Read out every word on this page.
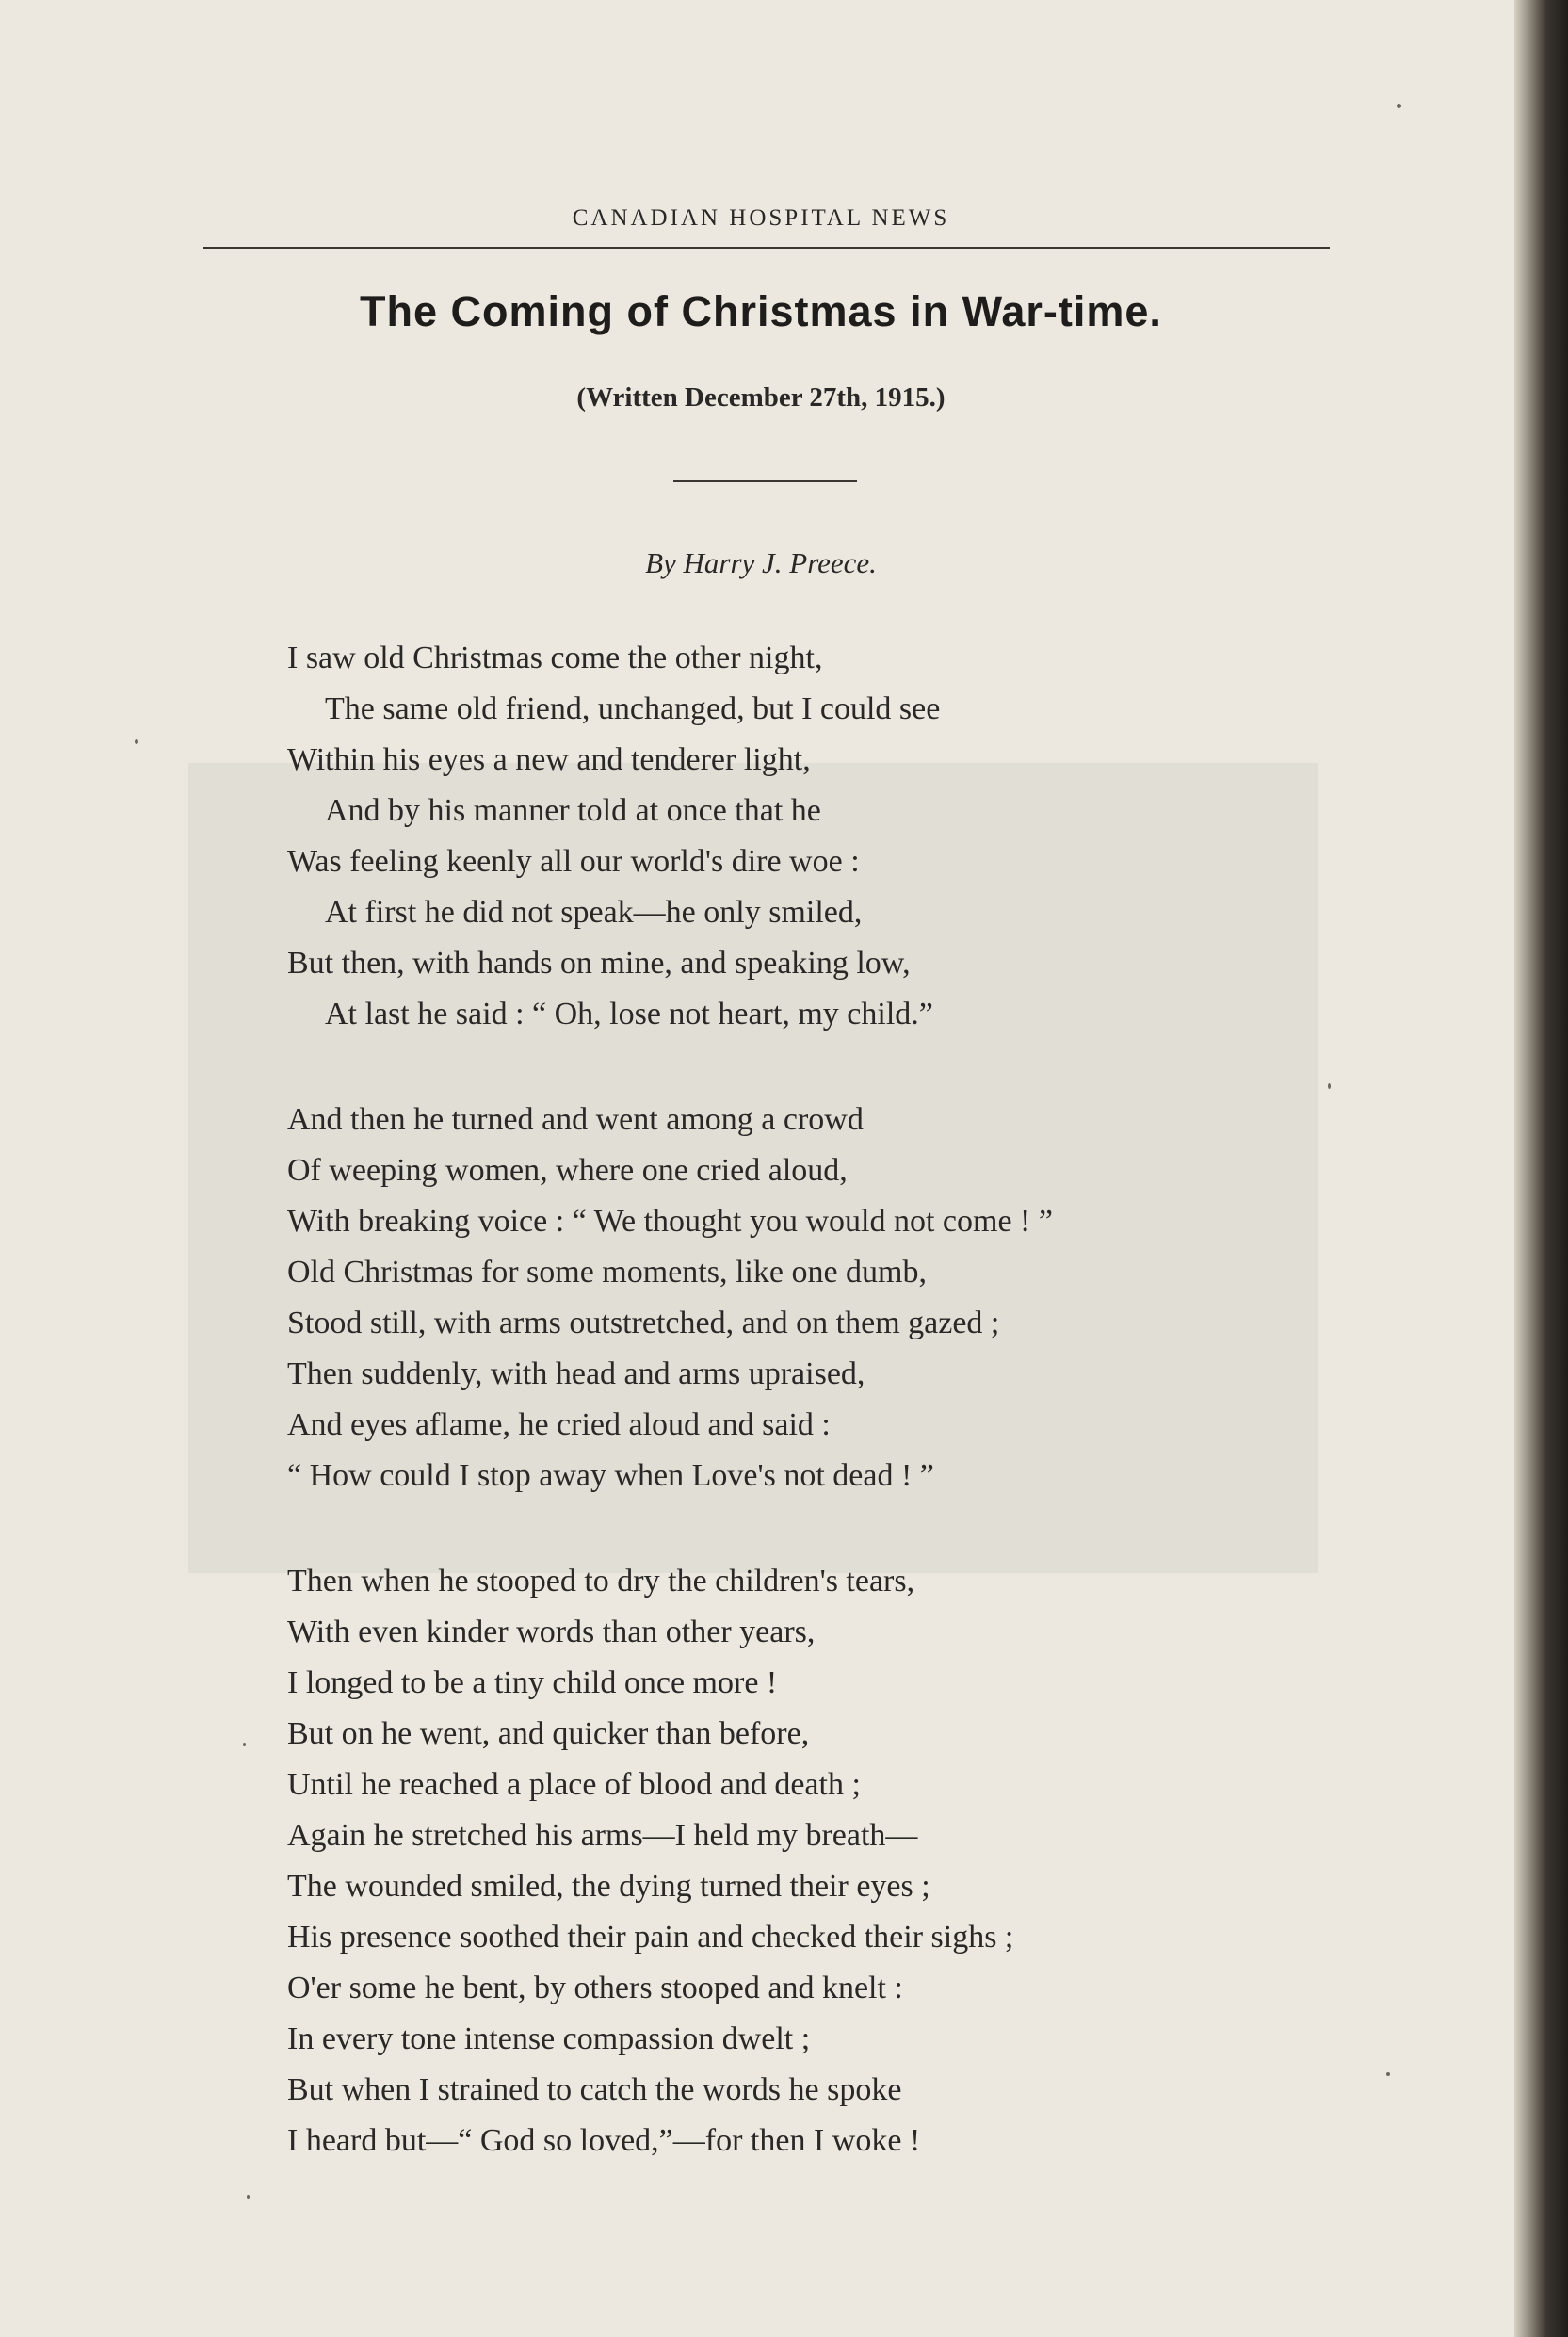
CANADIAN HOSPITAL NEWS
The Coming of Christmas in War-time.
(Written December 27th, 1915.)
By Harry J. Preece.
I saw old Christmas come the other night,
The same old friend, unchanged, but I could see
Within his eyes a new and tenderer light,
And by his manner told at once that he
Was feeling keenly all our world's dire woe :
At first he did not speak—he only smiled,
But then, with hands on mine, and speaking low,
At last he said : “ Oh, lose not heart, my child.”
And then he turned and went among a crowd
Of weeping women, where one cried aloud,
With breaking voice : “ We thought you would not come ! ”
Old Christmas for some moments, like one dumb,
Stood still, with arms outstretched, and on them gazed ;
Then suddenly, with head and arms upraised,
And eyes aflame, he cried aloud and said :
“ How could I stop away when Love's not dead ! ”
Then when he stooped to dry the children's tears,
With even kinder words than other years,
I longed to be a tiny child once more !
But on he went, and quicker than before,
Until he reached a place of blood and death ;
Again he stretched his arms—I held my breath—
The wounded smiled, the dying turned their eyes ;
His presence soothed their pain and checked their sighs ;
O'er some he bent, by others stooped and knelt :
In every tone intense compassion dwelt ;
But when I strained to catch the words he spoke
I heard but—“ God so loved,”—for then I woke !
